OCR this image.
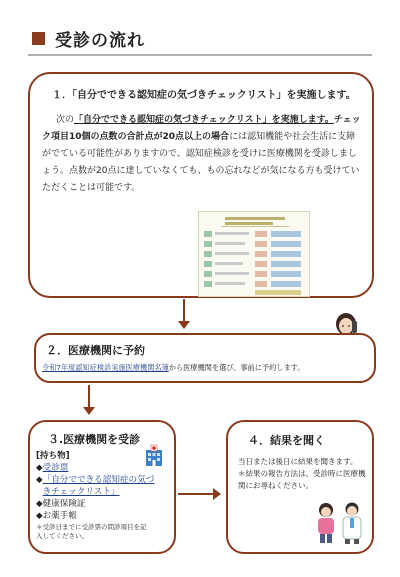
受診の流れ
１．「自分でできる認知症の気づきチェックリスト」を実施します。
次の「自分でできる認知症の気づきチェックリスト」を実施します。チェック項目10個の点数の合計点が20点以上の場合には認知機能や社会生活に支障がでている可能性がありますので、認知症検診を受けに医療機関を受診しましょう。点数が20点に達していなくても、もの忘れなどが気になる方も受けていただくことは可能です。
２．医療機関に予約
令和7年度認知症検診実施医療機関名簿から医療機関を選び、事前に予約します。
３.医療機関を受診
[持ち物]
◆受診票
◆ 「自分でできる認知症の気づきチェックリスト」
◆健康保険証
◆お薬手帳
＊受診日までに受診票の問診項目を記入してください。
４．結果を聞く
当日または後日に結果を聞きます。
＊結果の報告方法は、受診時に医療機関にお尋ねください。
